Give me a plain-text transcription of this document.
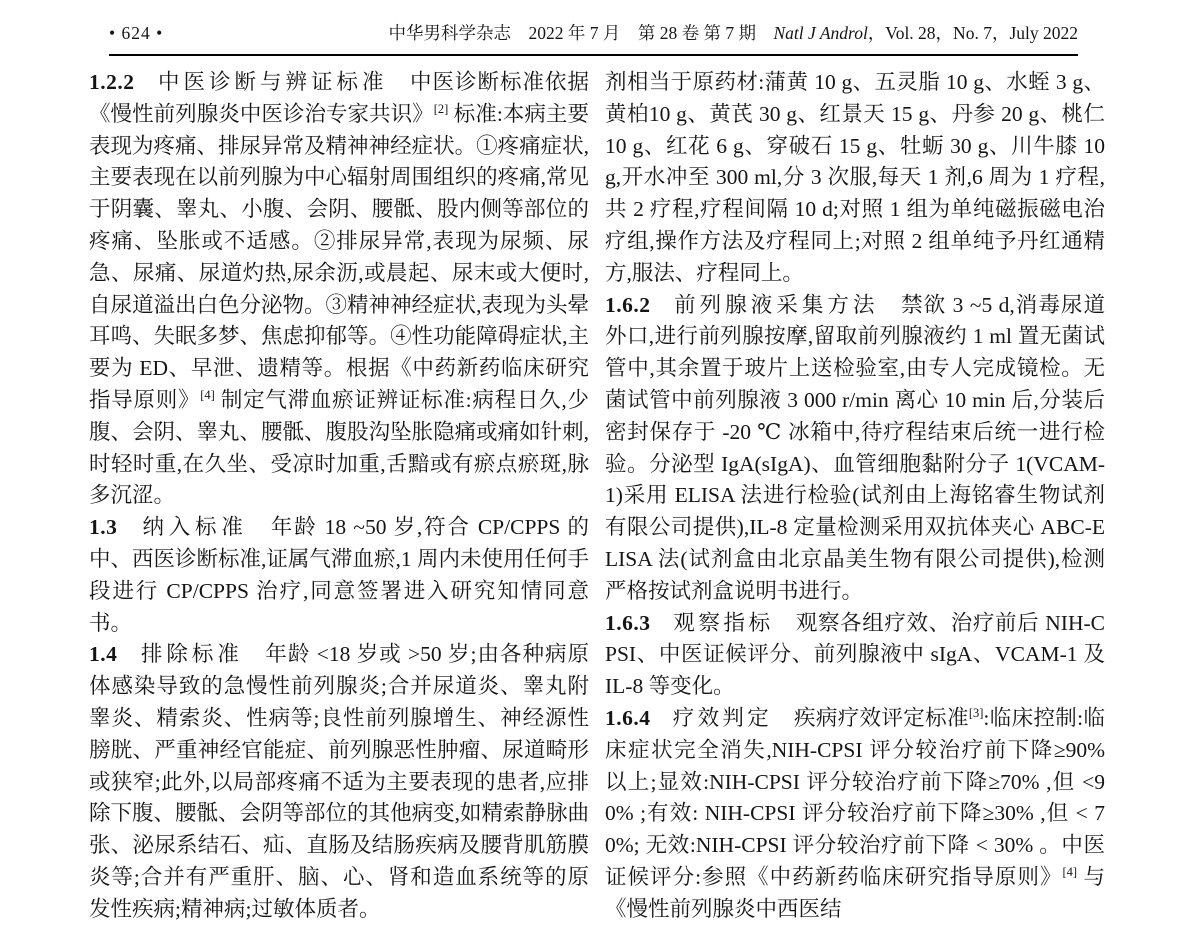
• 624 •	中华男科学杂志　2022 年 7 月　第 28 卷 第 7 期　Natl J Androl，Vol. 28，No. 7，July 2022

1.2.2　 中医诊断与辨证标准　中医诊断标准依据《慢性前列腺炎中医诊治专家共识》[2] 标准:本病主要表现为疼痛、排尿异常及精神神经症状。①疼痛症状,主要表现在以前列腺为中心辐射周围组织的疼痛,常见于阴囊、睾丸、小腹、会阴、腰骶、股内侧等部位的疼痛、坠胀或不适感。②排尿异常,表现为尿频、尿急、尿痛、尿道灼热,尿余沥,或晨起、尿末或大便时,自尿道溢出白色分泌物。③精神神经症状,表现为头晕耳鸣、失眠多梦、焦虑抑郁等。④性功能障碍症状,主要为 ED、早泄、遗精等。根据《中药新药临床研究指导原则》[4] 制定气滞血瘀证辨证标准:病程日久,少腹、会阴、睾丸、腰骶、腹股沟坠胀隐痛或痛如针刺,时轻时重,在久坐、受凉时加重,舌黯或有瘀点瘀斑,脉多沉涩。

1.3　 纳入标准　年龄 18 ~50 岁,符合 CP/CPPS 的中、西医诊断标准,证属气滞血瘀,1 周内未使用任何手段进行 CP/CPPS 治疗,同意签署进入研究知情同意书。

1.4　 排除标准　年龄 <18 岁或 >50 岁;由各种病原体感染导致的急慢性前列腺炎;合并尿道炎、睾丸附睾炎、精索炎、性病等;良性前列腺增生、神经源性膀胱、严重神经官能症、前列腺恶性肿瘤、尿道畸形或狭窄;此外,以局部疼痛不适为主要表现的患者,应排除下腹、腰骶、会阴等部位的其他病变,如精索静脉曲张、泌尿系结石、疝、直肠及结肠疾病及腰背肌筋膜炎等;合并有严重肝、脑、心、肾和造血系统等的原发性疾病;精神病;过敏体质者。

剂相当于原药材:蒲黄 10 g、五灵脂 10 g、水蛭 3 g、黄柏10 g、黄芪 30 g、红景天 15 g、丹参 20 g、桃仁 10 g、红花 6 g、穿破石 15 g、牡蛎 30 g、川牛膝 10 g,开水冲至 300 ml,分 3 次服,每天 1 剂,6 周为 1 疗程,共 2 疗程,疗程间隔 10 d;对照 1 组为单纯磁振磁电治疗组,操作方法及疗程同上;对照 2 组单纯予丹红通精方,服法、疗程同上。

1.6.2　 前列腺液采集方法　禁欲 3 ~5 d,消毒尿道外口,进行前列腺按摩,留取前列腺液约 1 ml 置无菌试管中,其余置于玻片上送检验室,由专人完成镜检。无菌试管中前列腺液 3 000 r/min 离心 10 min 后,分装后密封保存于 -20 ℃ 冰箱中,待疗程结束后统一进行检验。分泌型 IgA(sIgA)、血管细胞黏附分子 1(VCAM-1)采用 ELISA 法进行检验(试剂由上海铭睿生物试剂有限公司提供),IL-8 定量检测采用双抗体夹心 ABC-ELISA 法(试剂盒由北京晶美生物有限公司提供),检测严格按试剂盒说明书进行。

1.6.3　 观察指标　观察各组疗效、治疗前后 NIH-CPSI、中医证候评分、前列腺液中 sIgA、VCAM-1 及 IL-8 等变化。

1.6.4　 疗效判定　疾病疗效评定标准[3]:临床控制:临床症状完全消失,NIH-CPSI 评分较治疗前下降≥90% 以上;显效:NIH-CPSI 评分较治疗前下降≥70% ,但 <90% ;有效: NIH-CPSI 评分较治疗前下降≥30% ,但 < 70%; 无效:NIH-CPSI 评分较治疗前下降 < 30% 。中医证候评分:参照《中药新药临床研究指导原则》[4] 与《慢性前列腺炎中西医结
